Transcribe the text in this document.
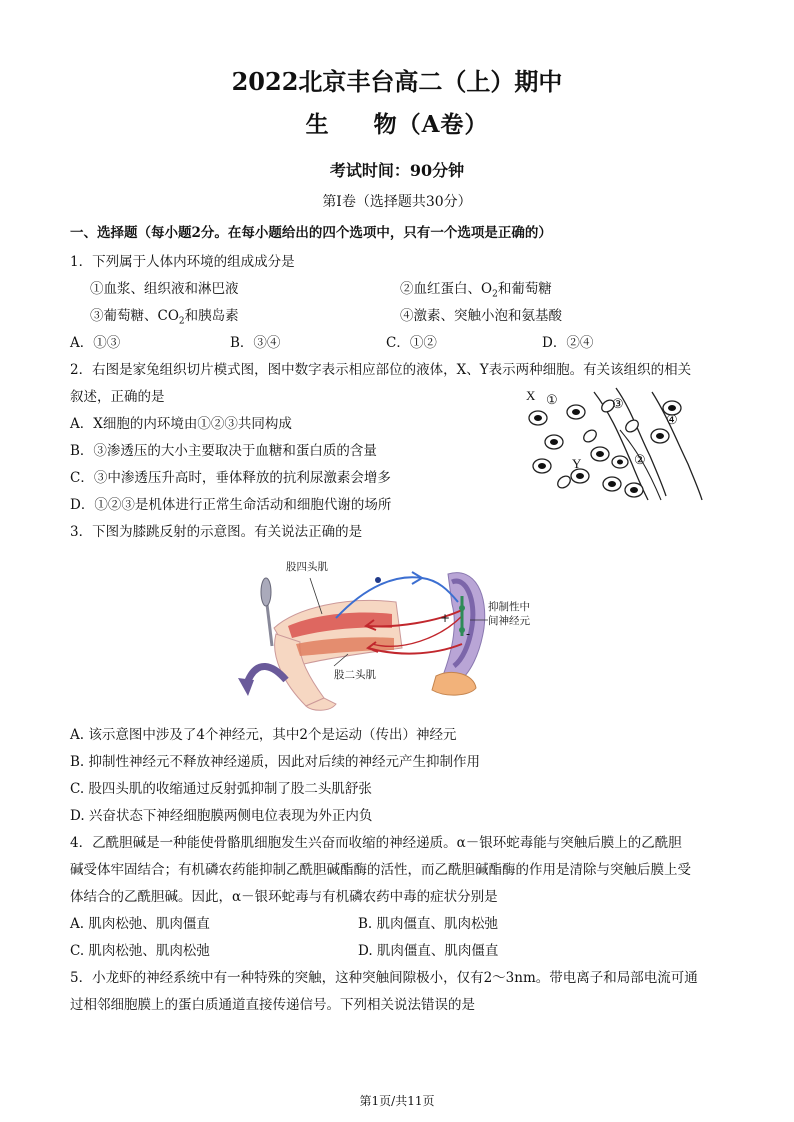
2022北京丰台高二（上）期中
生 物（A卷）
考试时间：90分钟
第I卷（选择题共30分）
一、选择题（每小题2分。在每小题给出的四个选项中，只有一个选项是正确的）
1．下列属于人体内环境的组成成分是
①血浆、组织液和淋巴液	②血红蛋白、$O_2$和葡萄糖
③葡萄糖、$CO_2$和胰岛素	④激素、突触小泡和氨基酸
A．①③	B．③④	C．①②	D．②④
2．右图是家兔组织切片模式图，图中数字表示相应部位的液体，X、Y表示两种细胞。有关该组织的相关
叙述，正确的是
A．X细胞的内环境由①②③共同构成
B．③渗透压的大小主要取决于血糖和蛋白质的含量
C．③中渗透压升高时，垂体释放的抗利尿激素会增多
D．①②③是机体进行正常生命活动和细胞代谢的场所
X ①	③
④
Y	②
3．下图为膝跳反射的示意图。有关说法正确的是
股四头肌
股二头肌
抑制性中
间神经元
+
-
A. 该示意图中涉及了4个神经元，其中2个是运动（传出）神经元
B. 抑制性神经元不释放神经递质，因此对后续的神经元产生抑制作用
C. 股四头肌的收缩通过反射弧抑制了股二头肌舒张
D. 兴奋状态下神经细胞膜两侧电位表现为外正内负
4．乙酰胆碱是一种能使骨骼肌细胞发生兴奋而收缩的神经递质。α－银环蛇毒能与突触后膜上的乙酰胆
碱受体牢固结合；有机磷农药能抑制乙酰胆碱酯酶的活性，而乙酰胆碱酯酶的作用是清除与突触后膜上受
体结合的乙酰胆碱。因此，α－银环蛇毒与有机磷农药中毒的症状分别是
A. 肌肉松弛、肌肉僵直	B. 肌肉僵直、肌肉松弛
C. 肌肉松弛、肌肉松弛	D. 肌肉僵直、肌肉僵直
5．小龙虾的神经系统中有一种特殊的突触，这种突触间隙极小，仅有2～3nm。带电离子和局部电流可通
过相邻细胞膜上的蛋白质通道直接传递信号。下列相关说法错误的是
第1页/共11页
